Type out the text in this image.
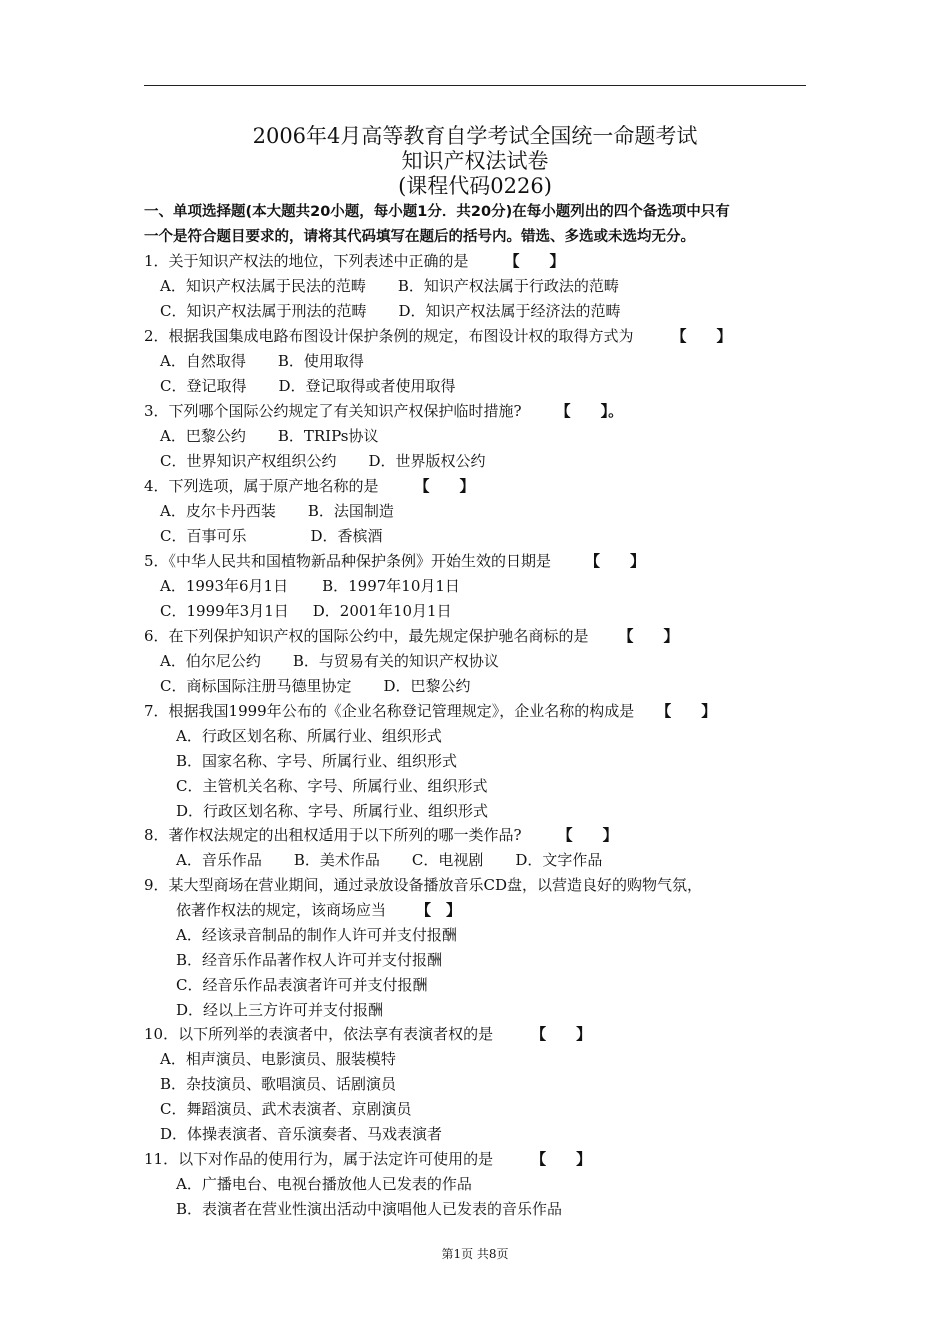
2006年4月高等教育自学考试全国统一命题考试
知识产权法试卷
(课程代码0226)
一、单项选择题(本大题共20小题，每小题1分．共20分)在每小题列出的四个备选项中只有
一个是符合题目要求的，请将其代码填写在题后的括号内。错选、多选或未选均无分。
1．关于知识产权法的地位，下列表述中正确的是 【　　】
A．知识产权法属于民法的范畴 B．知识产权法属于行政法的范畴
C．知识产权法属于刑法的范畴 D．知识产权法属于经济法的范畴
2．根据我国集成电路布图设计保护条例的规定，布图设计权的取得方式为	【　　】
A．自然取得 B．使用取得
C．登记取得 D．登记取得或者使用取得
3．下列哪个国际公约规定了有关知识产权保护临时措施? 【　　】。
A．巴黎公约 B．TRIPs协议
C．世界知识产权组织公约 D．世界版权公约
4．下列选项，属于原产地名称的是 【　　】
A．皮尔卡丹西装 B．法国制造
C．百事可乐	D．香槟酒
5．《中华人民共和国植物新品种保护条例》开始生效的日期是 【　　】
A．1993年6月1日 B．1997年10月1日
C．1999年3月1日 D．2001年10月1日
6．在下列保护知识产权的国际公约中，最先规定保护驰名商标的是 【　　】
A．伯尔尼公约 B．与贸易有关的知识产权协议
C．商标国际注册马德里协定 D．巴黎公约
7．根据我国1999年公布的《企业名称登记管理规定》，企业名称的构成是 【　　】
A．行政区划名称、所属行业、组织形式
B．国家名称、字号、所属行业、组织形式
C．主管机关名称、字号、所属行业、组织形式
D．行政区划名称、字号、所属行业、组织形式
8．著作权法规定的出租权适用于以下所列的哪一类作品? 【　　】
A．音乐作品 B．美术作品 C．电视剧 D．文字作品
9．某大型商场在营业期间，通过录放设备播放音乐CD盘，以营造良好的购物气氛，
依著作权法的规定，该商场应当 【　】
A．经该录音制品的制作人许可并支付报酬
B．经音乐作品著作权人许可并支付报酬
C．经音乐作品表演者许可并支付报酬
D．经以上三方许可并支付报酬
10．以下所列举的表演者中，依法享有表演者权的是	【　　】
A．相声演员、电影演员、服装模特
B．杂技演员、歌唱演员、话剧演员
C．舞蹈演员、武术表演者、京剧演员
D．体操表演者、音乐演奏者、马戏表演者
11．以下对作品的使用行为，属于法定许可使用的是	【　　】
A．广播电台、电视台播放他人已发表的作品
B．表演者在营业性演出活动中演唱他人已发表的音乐作品
第1页 共8页
